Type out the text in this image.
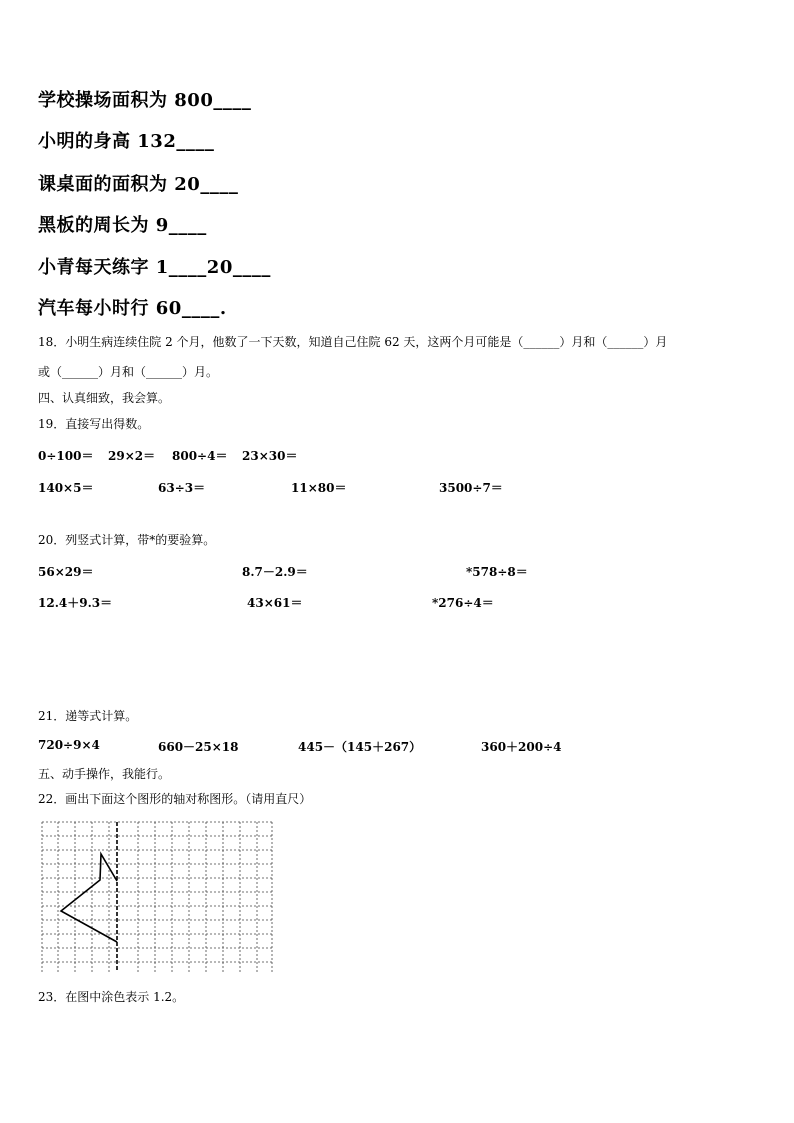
学校操场面积为 800____
小明的身高 132____
课桌面的面积为 20____
黑板的周长为 9____
小青每天练字 1____20____
汽车每小时行 60____.
18．小明生病连续住院 2 个月，他数了一下天数，知道自己住院 62 天，这两个月可能是（______）月和（______）月
或（______）月和（______）月。
四、认真细致，我会算。
19．直接写出得数。
0÷100＝ 29×2＝ 800÷4＝ 23×30＝
140×5＝	63÷3＝	11×80＝	3500÷7＝
20．列竖式计算，带*的要验算。
56×29＝	8.7－2.9＝	*578÷8＝
12.4＋9.3＝	43×61＝	*276÷4＝
21．递等式计算。
720÷9×4	660－25×18	445－（145＋267）	360＋200÷4
五、动手操作，我能行。
22．画出下面这个图形的轴对称图形。（请用直尺）
23．在图中涂色表示 1.2。
